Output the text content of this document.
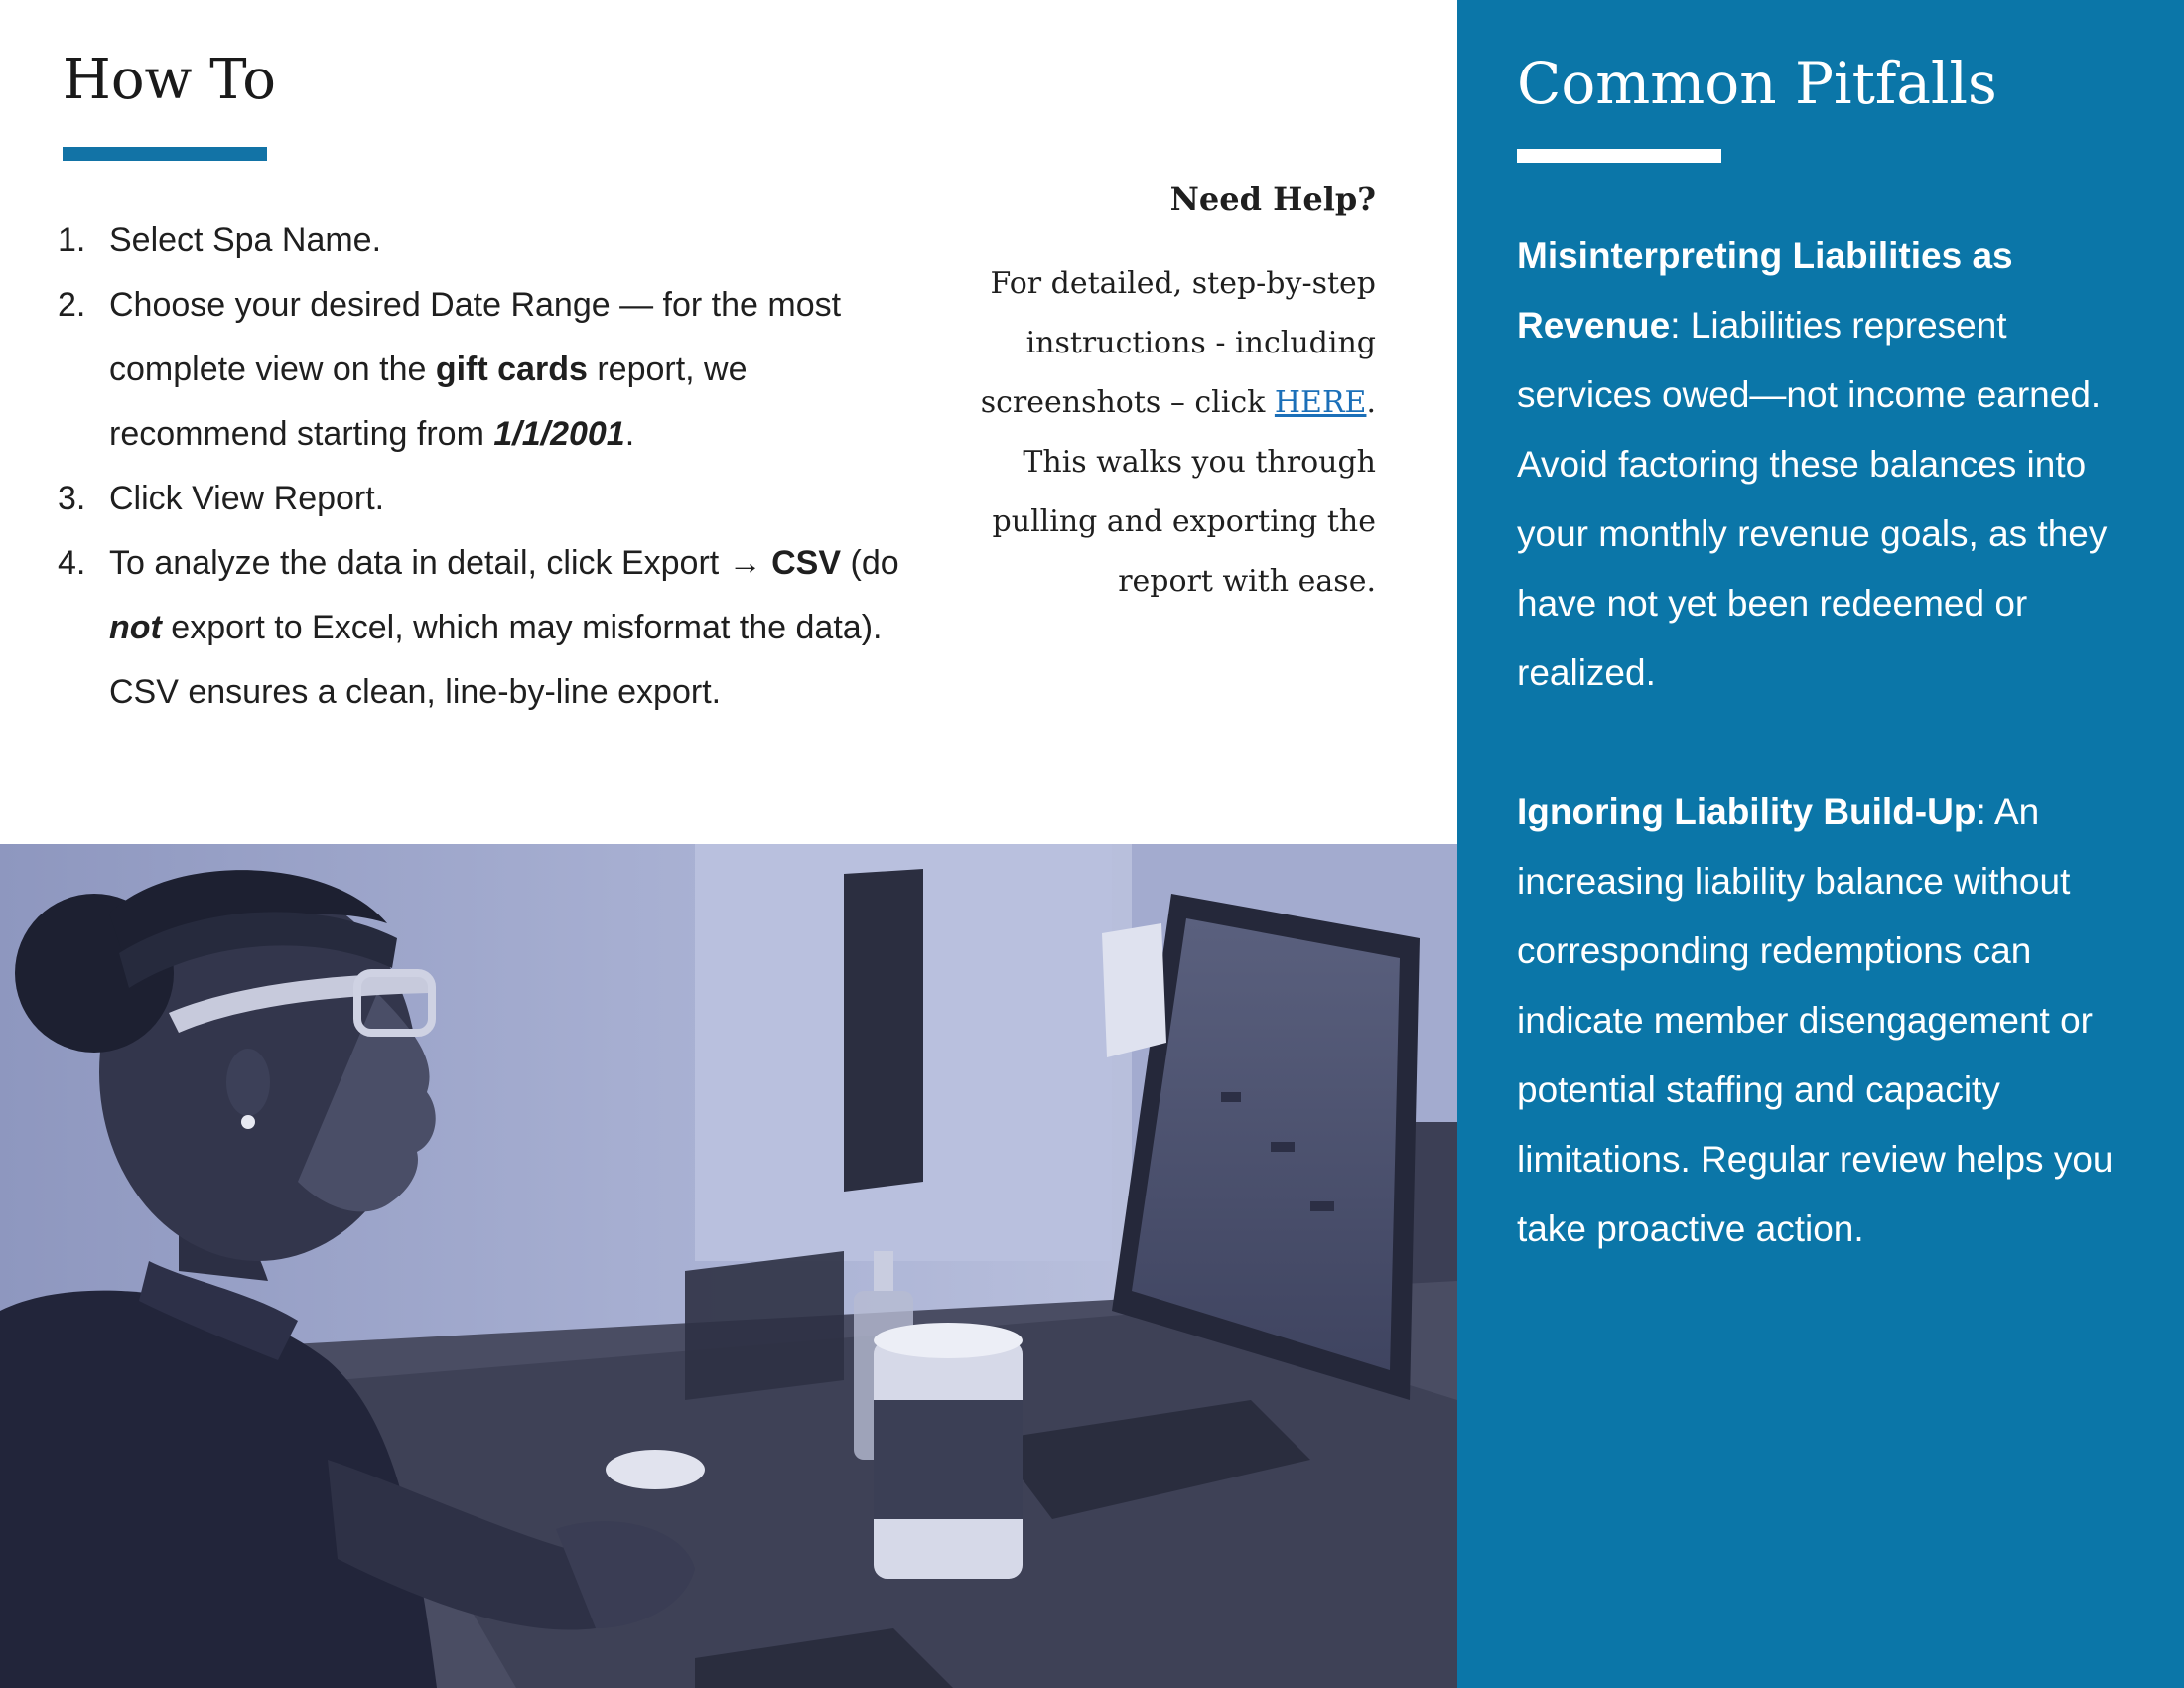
How To
1. Select Spa Name.
2. Choose your desired Date Range — for the most complete view on the gift cards report, we recommend starting from 1/1/2001.
3. Click View Report.
4. To analyze the data in detail, click Export → CSV (do not export to Excel, which may misformat the data). CSV ensures a clean, line-by-line export.
Need Help?
For detailed, step-by-step instructions - including screenshots – click HERE. This walks you through pulling and exporting the report with ease.
Common Pitfalls

Misinterpreting Liabilities as Revenue: Liabilities represent services owed—not income earned. Avoid factoring these balances into your monthly revenue goals, as they have not yet been redeemed or realized.

Ignoring Liability Build-Up: An increasing liability balance without corresponding redemptions can indicate member disengagement or potential staffing and capacity limitations. Regular review helps you take proactive action.
